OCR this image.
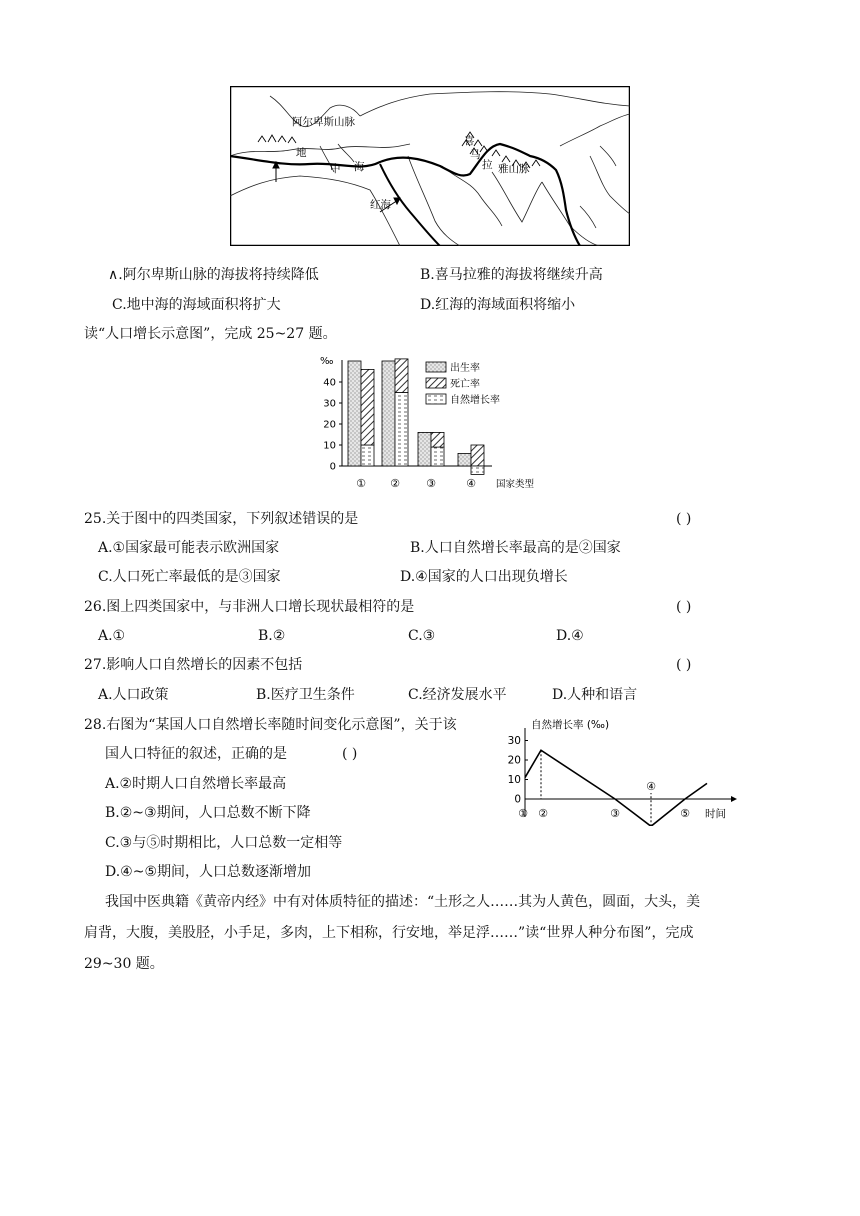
阿尔卑斯山脉
地
中 海
喜
马
拉 雅山脉
红海
∧.阿尔卑斯山脉的海拔将持续降低	B.喜马拉雅的海拔将继续升高
C.地中海的海域面积将扩大	D.红海的海域面积将缩小
读“人口增长示意图”，完成 25~27 题。
‰
0
10
20
30
40
国家类型
① ② ③	④
出生率
死亡率
自然增长率
25.关于图中的四类国家，下列叙述错误的是	( )
A.①国家最可能表示欧洲国家	B.人口自然增长率最高的是②国家
C.人口死亡率最低的是③国家	D.④国家的人口出现负增长
26.图上四类国家中，与非洲人口增长现状最相符的是	( )
A.①	B.②	C.③	D.④
27.影响人口自然增长的因素不包括	( )
A.人口政策	B.医疗卫生条件	C.经济发展水平	D.人种和语言
28.右图为“某国人口自然增长率随时间变化示意图”，关于该
国人口特征的叙述，正确的是	( )
A.②时期人口自然增长率最高
B.②~③期间，人口总数不断下降
C.③与⑤时期相比，人口总数一定相等
D.④~⑤期间，人口总数逐渐增加
自然增长率 (‰)
0
10
20
30
时间
① ②	③
④
⑤
我国中医典籍《黄帝内经》中有对体质特征的描述：“土形之人……其为人黄色，圆面，大头，美
肩背，大腹，美股胫，小手足，多肉，上下相称，行安地，举足浮……”读“世界人种分布图”，完成
29~30 题。
